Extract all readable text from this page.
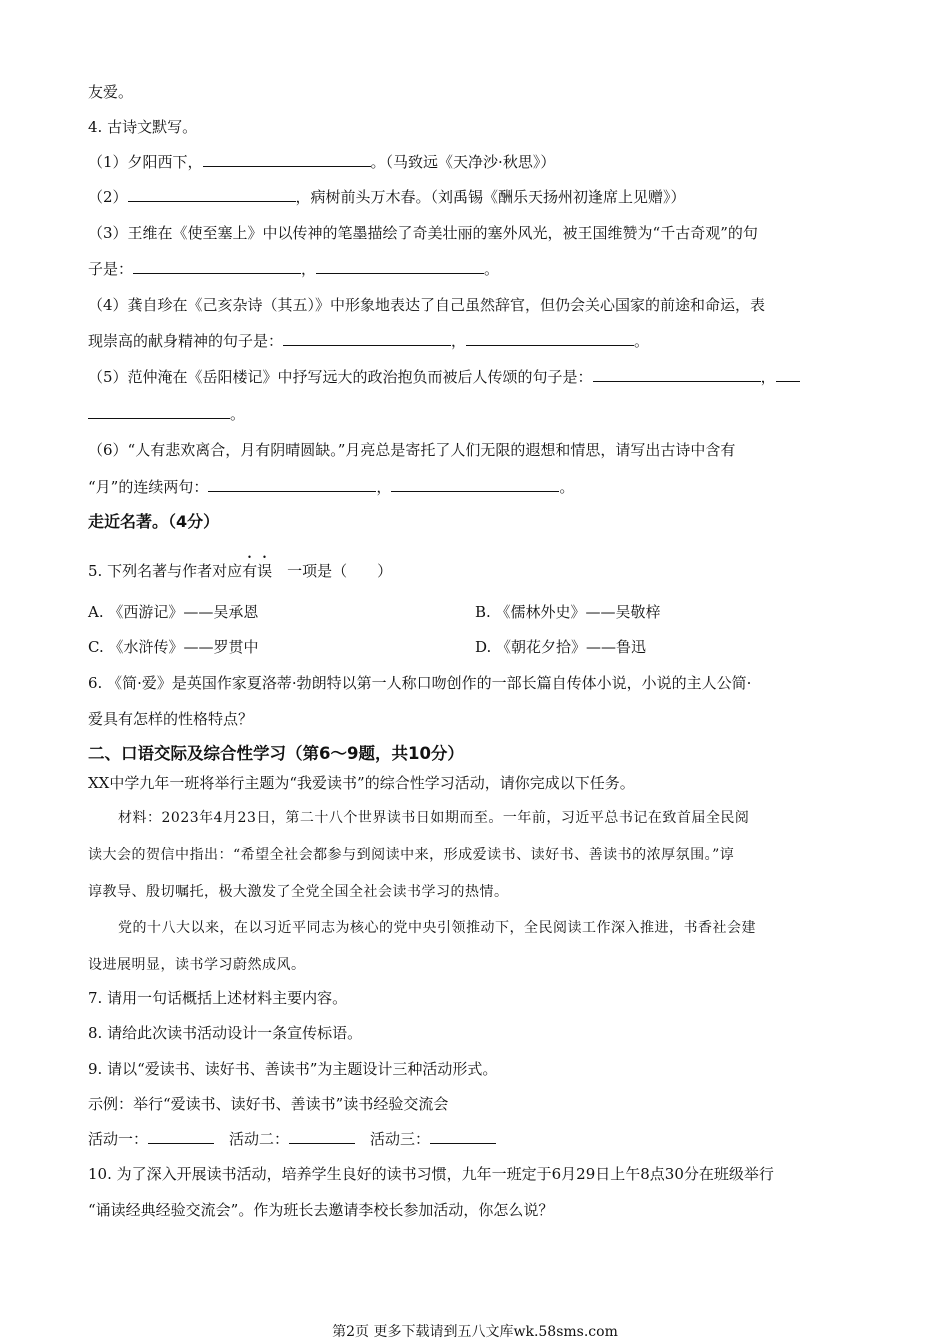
友爱。
4. 古诗文默写。
（1）夕阳西下，	。（马致远《天净沙·秋思》）
（2）	，病树前头万木春。（刘禹锡《酬乐天扬州初逢席上见赠》）
（3）王维在《使至塞上》中以传神的笔墨描绘了奇美壮丽的塞外风光，被王国维赞为“千古奇观”的句
子是：	，	。
（4）龚自珍在《己亥杂诗（其五）》中形象地表达了自己虽然辞官，但仍会关心国家的前途和命运，表
现崇高的献身精神的句子是：	，	。
（5）范仲淹在《岳阳楼记》中抒写远大的政治抱负而被后人传颂的句子是：	，
。
（6）“人有悲欢离合，月有阴晴圆缺。”月亮总是寄托了人们无限的遐想和情思，请写出古诗中含有
“月”的连续两句：	，	。
走近名著。（4分）
5. 下列名著与作者对应有误  一项是（　　）
A. 《西游记》——吴承恩	B. 《儒林外史》——吴敬梓
C. 《水浒传》——罗贯中	D. 《朝花夕拾》——鲁迅
6. 《简·爱》是英国作家夏洛蒂·勃朗特以第一人称口吻创作的一部长篇自传体小说，小说的主人公简·
爱具有怎样的性格特点？
二、口语交际及综合性学习（第6～9题，共10分）
XX中学九年一班将举行主题为“我爱读书”的综合性学习活动，请你完成以下任务。
材料：2023年4月23日，第二十八个世界读书日如期而至。一年前，习近平总书记在致首届全民阅
读大会的贺信中指出：“希望全社会都参与到阅读中来，形成爱读书、读好书、善读书的浓厚氛围。”谆
谆教导、殷切嘱托，极大激发了全党全国全社会读书学习的热情。
党的十八大以来，在以习近平同志为核心的党中央引领推动下，全民阅读工作深入推进，书香社会建
设进展明显，读书学习蔚然成风。
7. 请用一句话概括上述材料主要内容。
8. 请给此次读书活动设计一条宣传标语。
9. 请以“爱读书、读好书、善读书”为主题设计三种活动形式。
示例：举行“爱读书、读好书、善读书”读书经验交流会
活动一： 	活动二： 	活动三：
10. 为了深入开展读书活动，培养学生良好的读书习惯，九年一班定于6月29日上午8点30分在班级举行
“诵读经典经验交流会”。作为班长去邀请李校长参加活动，你怎么说？
第2页 更多下载请到五八文库wk.58sms.com
